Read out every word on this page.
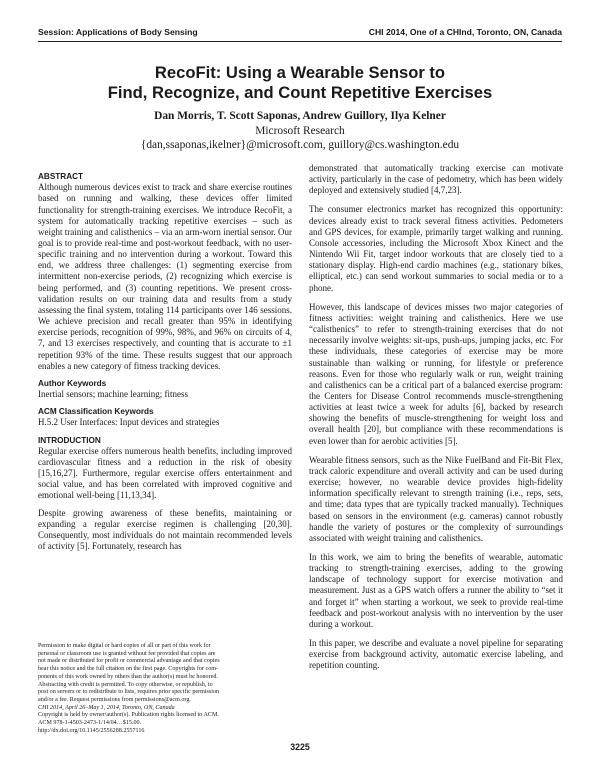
Session: Applications of Body Sensing	CHI 2014, One of a CHInd, Toronto, ON, Canada
RecoFit: Using a Wearable Sensor to
Find, Recognize, and Count Repetitive Exercises
Dan Morris, T. Scott Saponas, Andrew Guillory, Ilya Kelner
Microsoft Research
{dan,ssaponas,ikelner}@microsoft.com, guillory@cs.washington.edu
ABSTRACT

Although numerous devices exist to track and share exercise routines based on running and walking, these devices offer limited functionality for strength-training exercises. We introduce RecoFit, a system for automatically tracking repetitive exercises – such as weight training and calisthenics – via an arm-worn inertial sensor. Our goal is to provide real-time and post-workout feedback, with no user-specific training and no intervention during a workout. Toward this end, we address three challenges: (1) segmenting exercise from intermittent non-exercise periods, (2) recognizing which exercise is being performed, and (3) counting repetitions. We present cross-validation results on our training data and results from a study assessing the final system, totaling 114 participants over 146 sessions. We achieve precision and recall greater than 95% in identifying exercise periods, recognition of 99%, 98%, and 96% on circuits of 4, 7, and 13 exercises respectively, and counting that is accurate to ±1 repetition 93% of the time. These results suggest that our approach enables a new category of fitness tracking devices.

Author Keywords

Inertial sensors; machine learning; fitness

ACM Classification Keywords

H.5.2 User Interfaces: Input devices and strategies

INTRODUCTION

Regular exercise offers numerous health benefits, including improved cardiovascular fitness and a reduction in the risk of obesity [15,16,27]. Furthermore, regular exercise offers entertainment and social value, and has been correlated with improved cognitive and emotional well-being [11,13,34].

Despite growing awareness of these benefits, maintaining or expanding a regular exercise regimen is challenging [20,30]. Consequently, most individuals do not maintain recommended levels of activity [5]. Fortunately, research has

Permission to make digital or hard copies of all or part of this work for
personal or classroom use is granted without fee provided that copies are
not made or distributed for profit or commercial advantage and that copies
bear this notice and the full citation on the first page. Copyrights for com-
ponents of this work owned by others than the author(s) must be honored.
Abstracting with credit is permitted. To copy otherwise, or republish, to
post on servers or to redistribute to lists, requires prior specific permission
and/or a fee. Request permissions from permissions@acm.org.
CHI 2014, April 26–May 1, 2014, Toronto, ON, Canada
Copyright is held by owner/author(s). Publication rights licensed to ACM.
ACM 978-1-4503-2473-1/14/04…$15.00.
http://dx.doi.org/10.1145/2556288.2557116

demonstrated that automatically tracking exercise can motivate activity, particularly in the case of pedometry, which has been widely deployed and extensively studied [4,7,23].

The consumer electronics market has recognized this opportunity: devices already exist to track several fitness activities. Pedometers and GPS devices, for example, primarily target walking and running. Console accessories, including the Microsoft Xbox Kinect and the Nintendo Wii Fit, target indoor workouts that are closely tied to a stationary display. High-end cardio machines (e.g., stationary bikes, elliptical, etc.) can send workout summaries to social media or to a phone.

However, this landscape of devices misses two major categories of fitness activities: weight training and calisthenics. Here we use “calisthenics” to refer to strength-training exercises that do not necessarily involve weights: sit-ups, push-ups, jumping jacks, etc. For these individuals, these categories of exercise may be more sustainable than walking or running, for lifestyle or preference reasons. Even for those who regularly walk or run, weight training and calisthenics can be a critical part of a balanced exercise program: the Centers for Disease Control recommends muscle-strengthening activities at least twice a week for adults [6], backed by research showing the benefits of muscle-strengthening for weight loss and overall health [20], but compliance with these recommendations is even lower than for aerobic activities [5].

Wearable fitness sensors, such as the Nike FuelBand and Fit-Bit Flex, track caloric expenditure and overall activity and can be used during exercise; however, no wearable device provides high-fidelity information specifically relevant to strength training (i.e., reps, sets, and time; data types that are typically tracked manually). Techniques based on sensors in the environment (e.g. cameras) cannot robustly handle the variety of postures or the complexity of surroundings associated with weight training and calisthenics.

In this work, we aim to bring the benefits of wearable, automatic tracking to strength-training exercises, adding to the growing landscape of technology support for exercise motivation and measurement. Just as a GPS watch offers a runner the ability to “set it and forget it” when starting a workout, we seek to provide real-time feedback and post-workout analysis with no intervention by the user during a workout.

In this paper, we describe and evaluate a novel pipeline for separating exercise from background activity, automatic exercise labeling, and repetition counting.

3225
